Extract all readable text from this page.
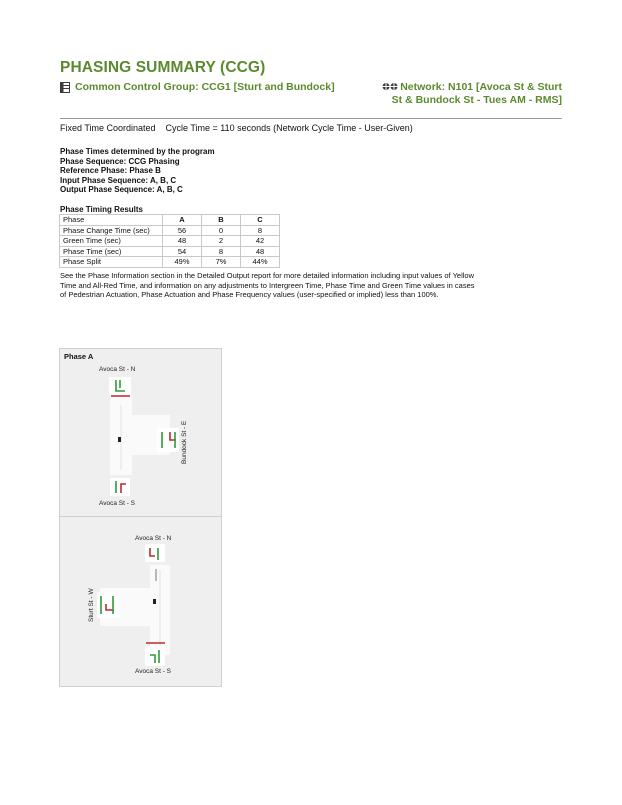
PHASING SUMMARY (CCG)
Common Control Group: CCG1 [Sturt and Bundock]	Network: N101 [Avoca St & Sturt St & Bundock St - Tues AM - RMS]
Fixed Time Coordinated Cycle Time = 110 seconds (Network Cycle Time - User-Given)
Phase Times determined by the program
Phase Sequence: CCG Phasing
Reference Phase: Phase B
Input Phase Sequence: A, B, C
Output Phase Sequence: A, B, C
Phase Timing Results
Phase	A	B	C
Phase Change Time (sec)	56	0	8
Green Time (sec)	48	2	42
Phase Time (sec)	54	8	48
Phase Split	49%	7%	44%
See the Phase Information section in the Detailed Output report for more detailed information including input values of Yellow Time and All-Red Time, and information on any adjustments to Intergreen Time, Phase Time and Green Time values in cases of Pedestrian Actuation, Phase Actuation and Phase Frequency values (user-specified or implied) less than 100%.
Phase A
Avoca St - N
Bundock St - E
Avoca St - S
Avoca St - N
Sturt St - W
Avoca St - S
